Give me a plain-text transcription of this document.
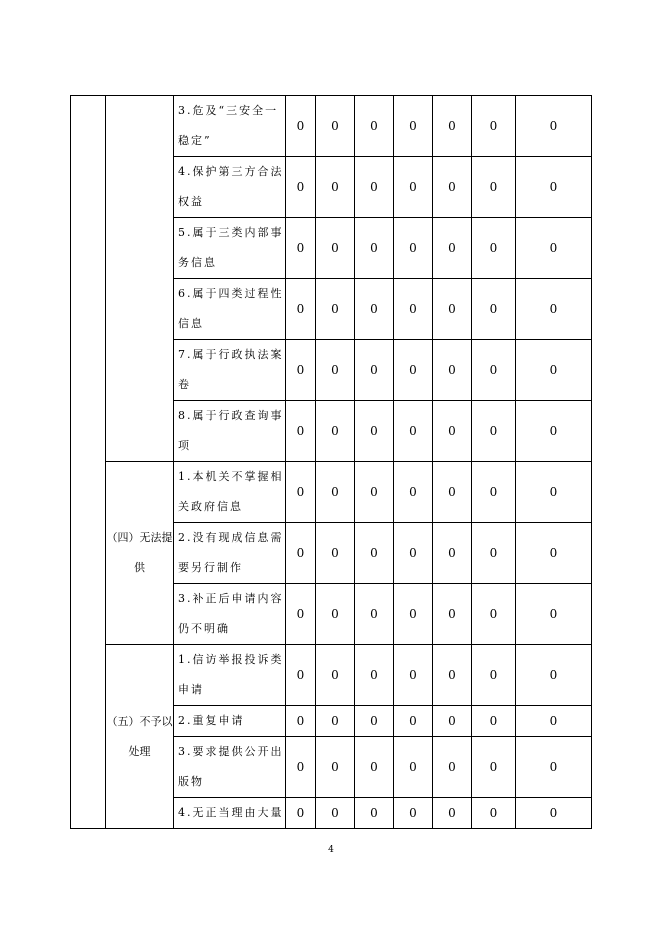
		3.危及“三安全一稳定”	0	0	0	0	0	0	0
		4.保护第三方合法权益	0	0	0	0	0	0	0
		5.属于三类内部事务信息	0	0	0	0	0	0	0
		6.属于四类过程性信息	0	0	0	0	0	0	0
		7.属于行政执法案卷	0	0	0	0	0	0	0
		8.属于行政查询事项	0	0	0	0	0	0	0
	（四）无法提供	1.本机关不掌握相关政府信息	0	0	0	0	0	0	0
		2.没有现成信息需要另行制作	0	0	0	0	0	0	0
		3.补正后申请内容仍不明确	0	0	0	0	0	0	0
	（五）不予以处理	1.信访举报投诉类申请	0	0	0	0	0	0	0
		2.重复申请	0	0	0	0	0	0	0
		3.要求提供公开出版物	0	0	0	0	0	0	0
		4.无正当理由大量	0	0	0	0	0	0	0
4
